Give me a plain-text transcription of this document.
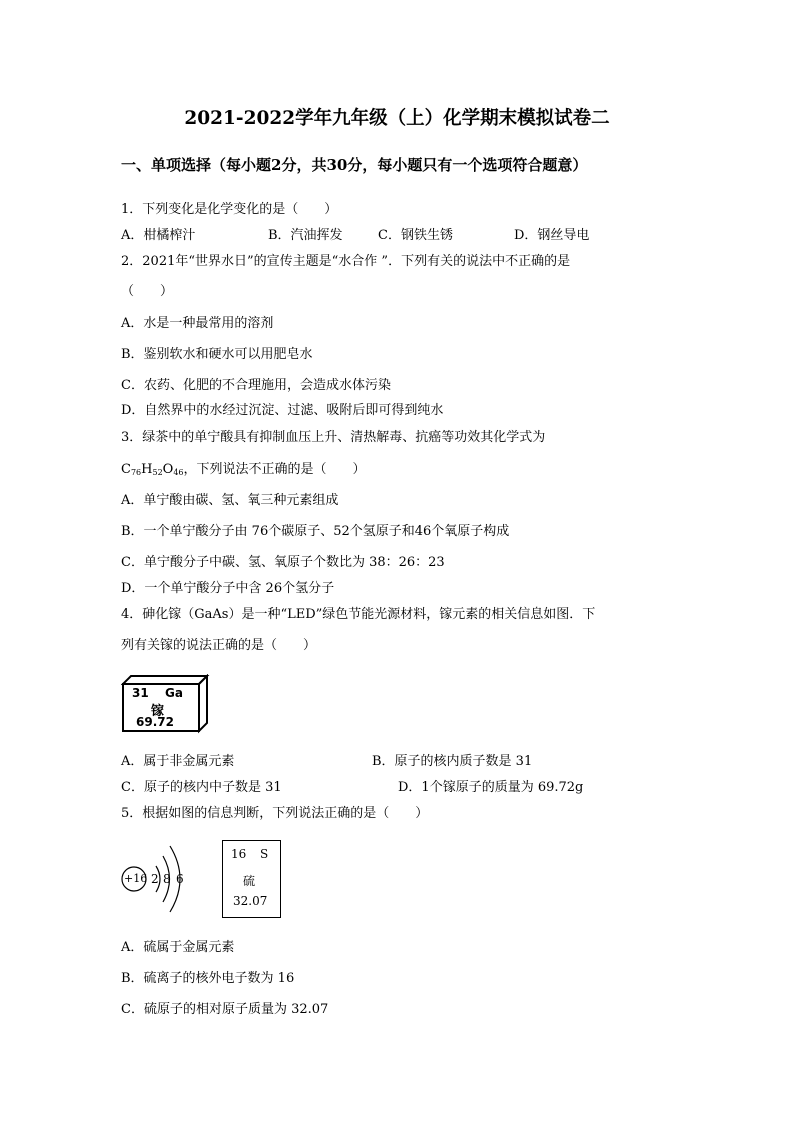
2021-2022学年九年级（上）化学期末模拟试卷二
一、单项选择（每小题2分，共30分，每小题只有一个选项符合题意）
1．下列变化是化学变化的是（　　）
A．柑橘榨汁	B．汽油挥发	C．钢铁生锈	D．钢丝导电
2．2021年“世界水日”的宣传主题是“水合作 ”．下列有关的说法中不正确的是
（　　）
A．水是一种最常用的溶剂
B．鉴别软水和硬水可以用肥皂水
C．农药、化肥的不合理施用，会造成水体污染
D．自然界中的水经过沉淀、过滤、吸附后即可得到纯水
3．绿茶中的单宁酸具有抑制血压上升、清热解毒、抗癌等功效其化学式为
$C_{76}H_{52}O_{46}$，下列说法不正确的是（　　）
A．单宁酸由碳、氢、氧三种元素组成
B．一个单宁酸分子由 76个碳原子、52个氢原子和46个氧原子构成
C．单宁酸分子中碳、氢、氧原子个数比为 38：26：23
D．一个单宁酸分子中含 26个氢分子
4．砷化镓（GaAs）是一种“LED”绿色节能光源材料，镓元素的相关信息如图．下
列有关镓的说法正确的是（　　）
31 Ga
镓
69.72
A．属于非金属元素	B．原子的核内质子数是 31
C．原子的核内中子数是 31	D．1个镓原子的质量为 69.72g
5．根据如图的信息判断，下列说法正确的是（　　）
+16 2 8 6
16 S
硫
32.07
A．硫属于金属元素
B．硫离子的核外电子数为 16
C．硫原子的相对原子质量为 32.07
